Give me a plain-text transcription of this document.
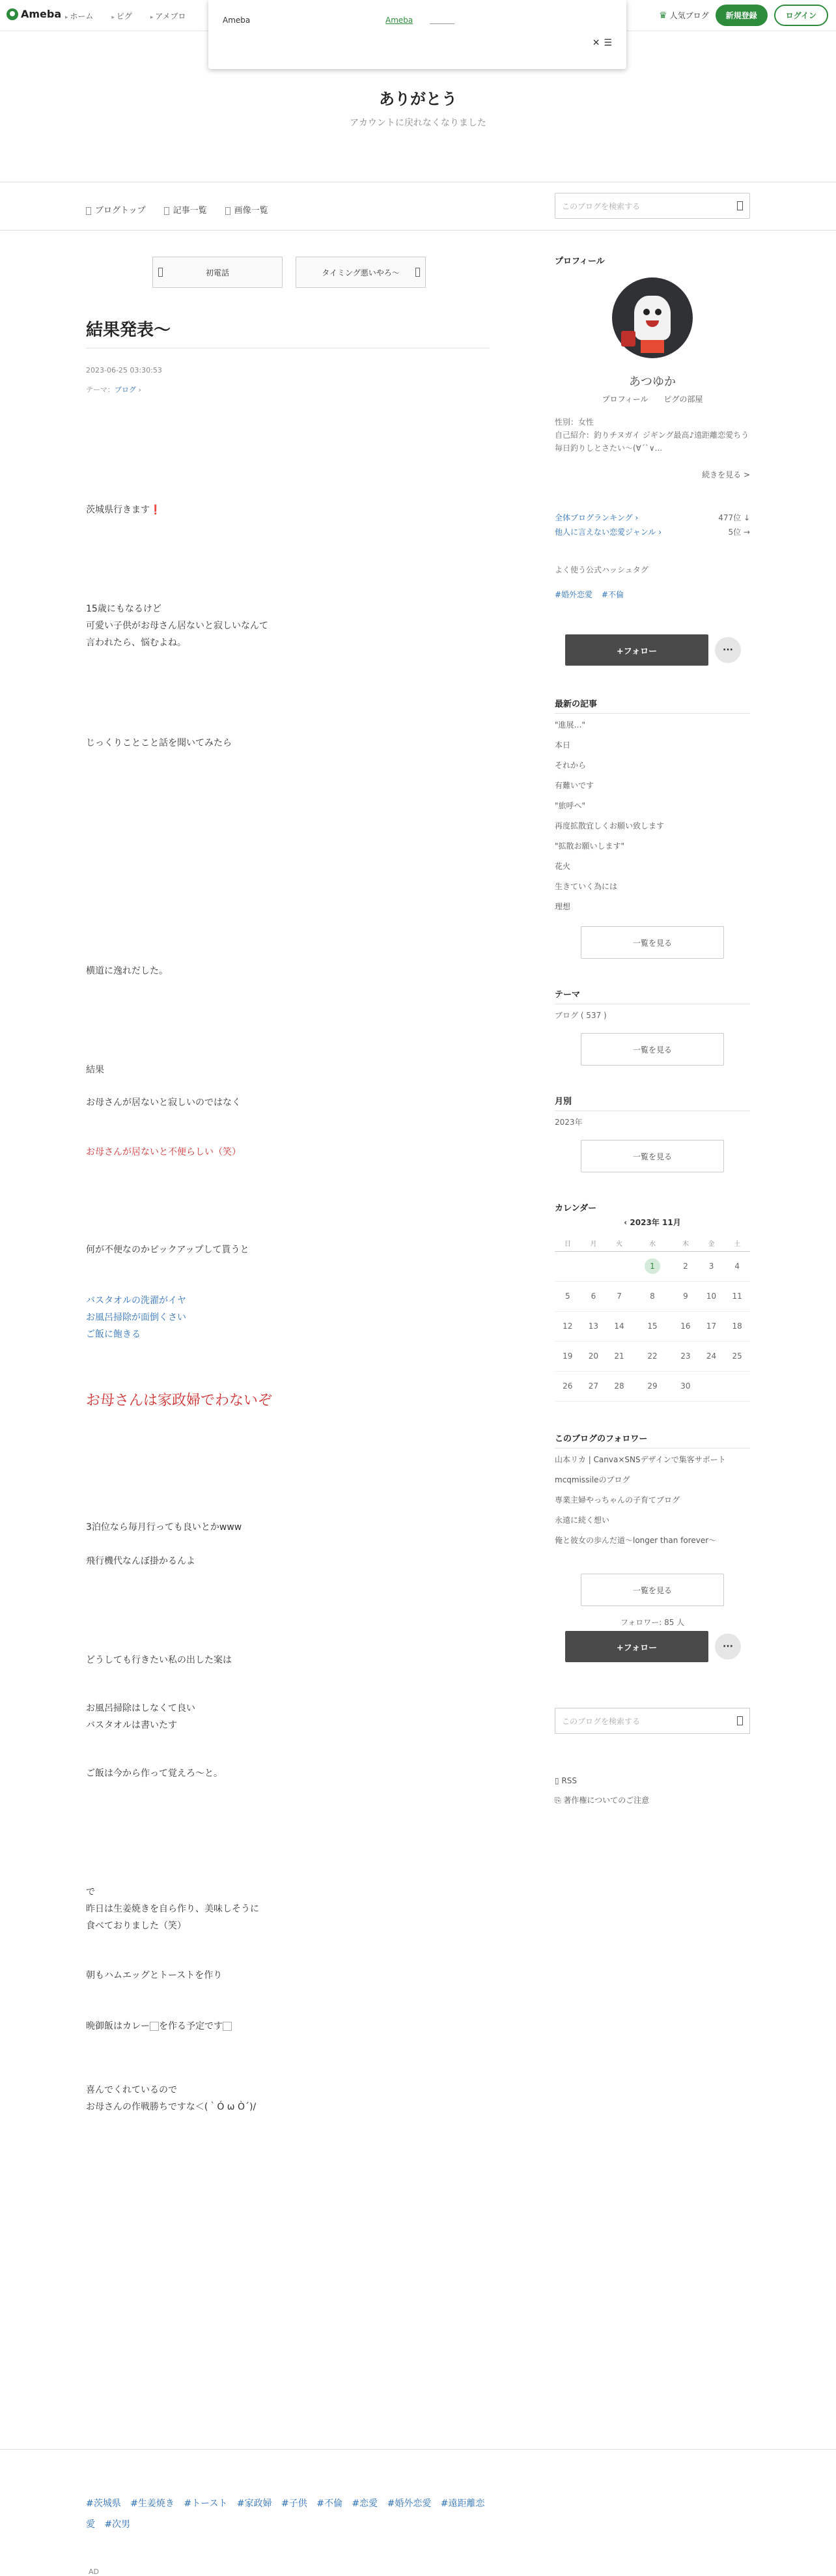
Ameba	▸ ホーム	▸ ピグ	▸ アメブロ	♛ 人気ブログ	新規登録	ログイン
Ameba	Ameba
✕ ☰
ありがとう
アカウントに戻れなくなりました
ブログトップ	記事一覧	画像一覧	このブログを検索する
初電話	タイミング悪いやろ〜
結果発表〜
2023-06-25 03:30:53
テーマ：ブログ ›
茨城県行きます❗️
15歳にもなるけど
可愛い子供がお母さん居ないと寂しいなんて
言われたら、悩むよね。
じっくりことこと話を聞いてみたら
横道に逸れだした。
結果
お母さんが居ないと寂しいのではなく
お母さんが居ないと不便らしい（笑）
何が不便なのかピックアップして貰うと
バスタオルの洗濯がイヤ
お風呂掃除が面倒くさい
ご飯に飽きる
お母さんは家政婦でわないぞ
3泊位なら毎月行っても良いとかwww
飛行機代なんぼ掛かるんよ
どうしても行きたい私の出した案は
お風呂掃除はしなくて良い
バスタオルは書いたす
ご飯は今から作って覚えろ〜と。
で
昨日は生姜焼きを自ら作り、美味しそうに
食べておりました（笑）
朝もハムエッグとトーストを作り

晩御飯はカレー を作る予定です

喜んでくれているので
お母さんの作戦勝ちですな＜(｀Ó ω Ò´)/
#茨城県 #生姜焼き #トースト #家政婦 #子供 #不倫 #恋愛 #婚外恋愛 #遠距離恋愛 #次男
AD
プロフィール
あつゆか
プロフィール ピグの部屋
性別：女性
自己紹介：釣りチヌガイ ジギング最高♪遠距離恋愛ちう 毎日釣りしとさたい〜(∀´`∨...
続きを見る >
全体ブログランキング ›	477位 ↓
他人に言えない恋愛ジャンル ›	5位 →
よく使う公式ハッシュタグ
#婚外恋愛 #不倫
+フォロー	···
最新の記事
"進展…"
本日
それから
有難いです
"旅呼へ"
再度拡散宜しくお願い致します
"拡散お願いします"
花火
生きていく為には
理想
一覧を見る
テーマ
ブログ ( 537 )
一覧を見る
月別
2023年
一覧を見る
カレンダー
‹ 2023年 11月
日	月	火	水	木	金	土
			1	2	3	4
5	6	7	8	9	10	11
12	13	14	15	16	17	18
19	20	21	22	23	24	25
26	27	28	29	30		
このブログのフォロワー
山本リカ | Canva×SNSデザインで集客サポート
mcqmissileのブログ
専業主婦やっちゃんの子育てブログ
永遠に続く想い
俺と彼女の歩んだ道〜longer than forever〜
一覧を見る
フォロワー: 85 人
+フォロー	···
このブログを検索する
▯ RSS
⎘ 著作権についてのご注意
